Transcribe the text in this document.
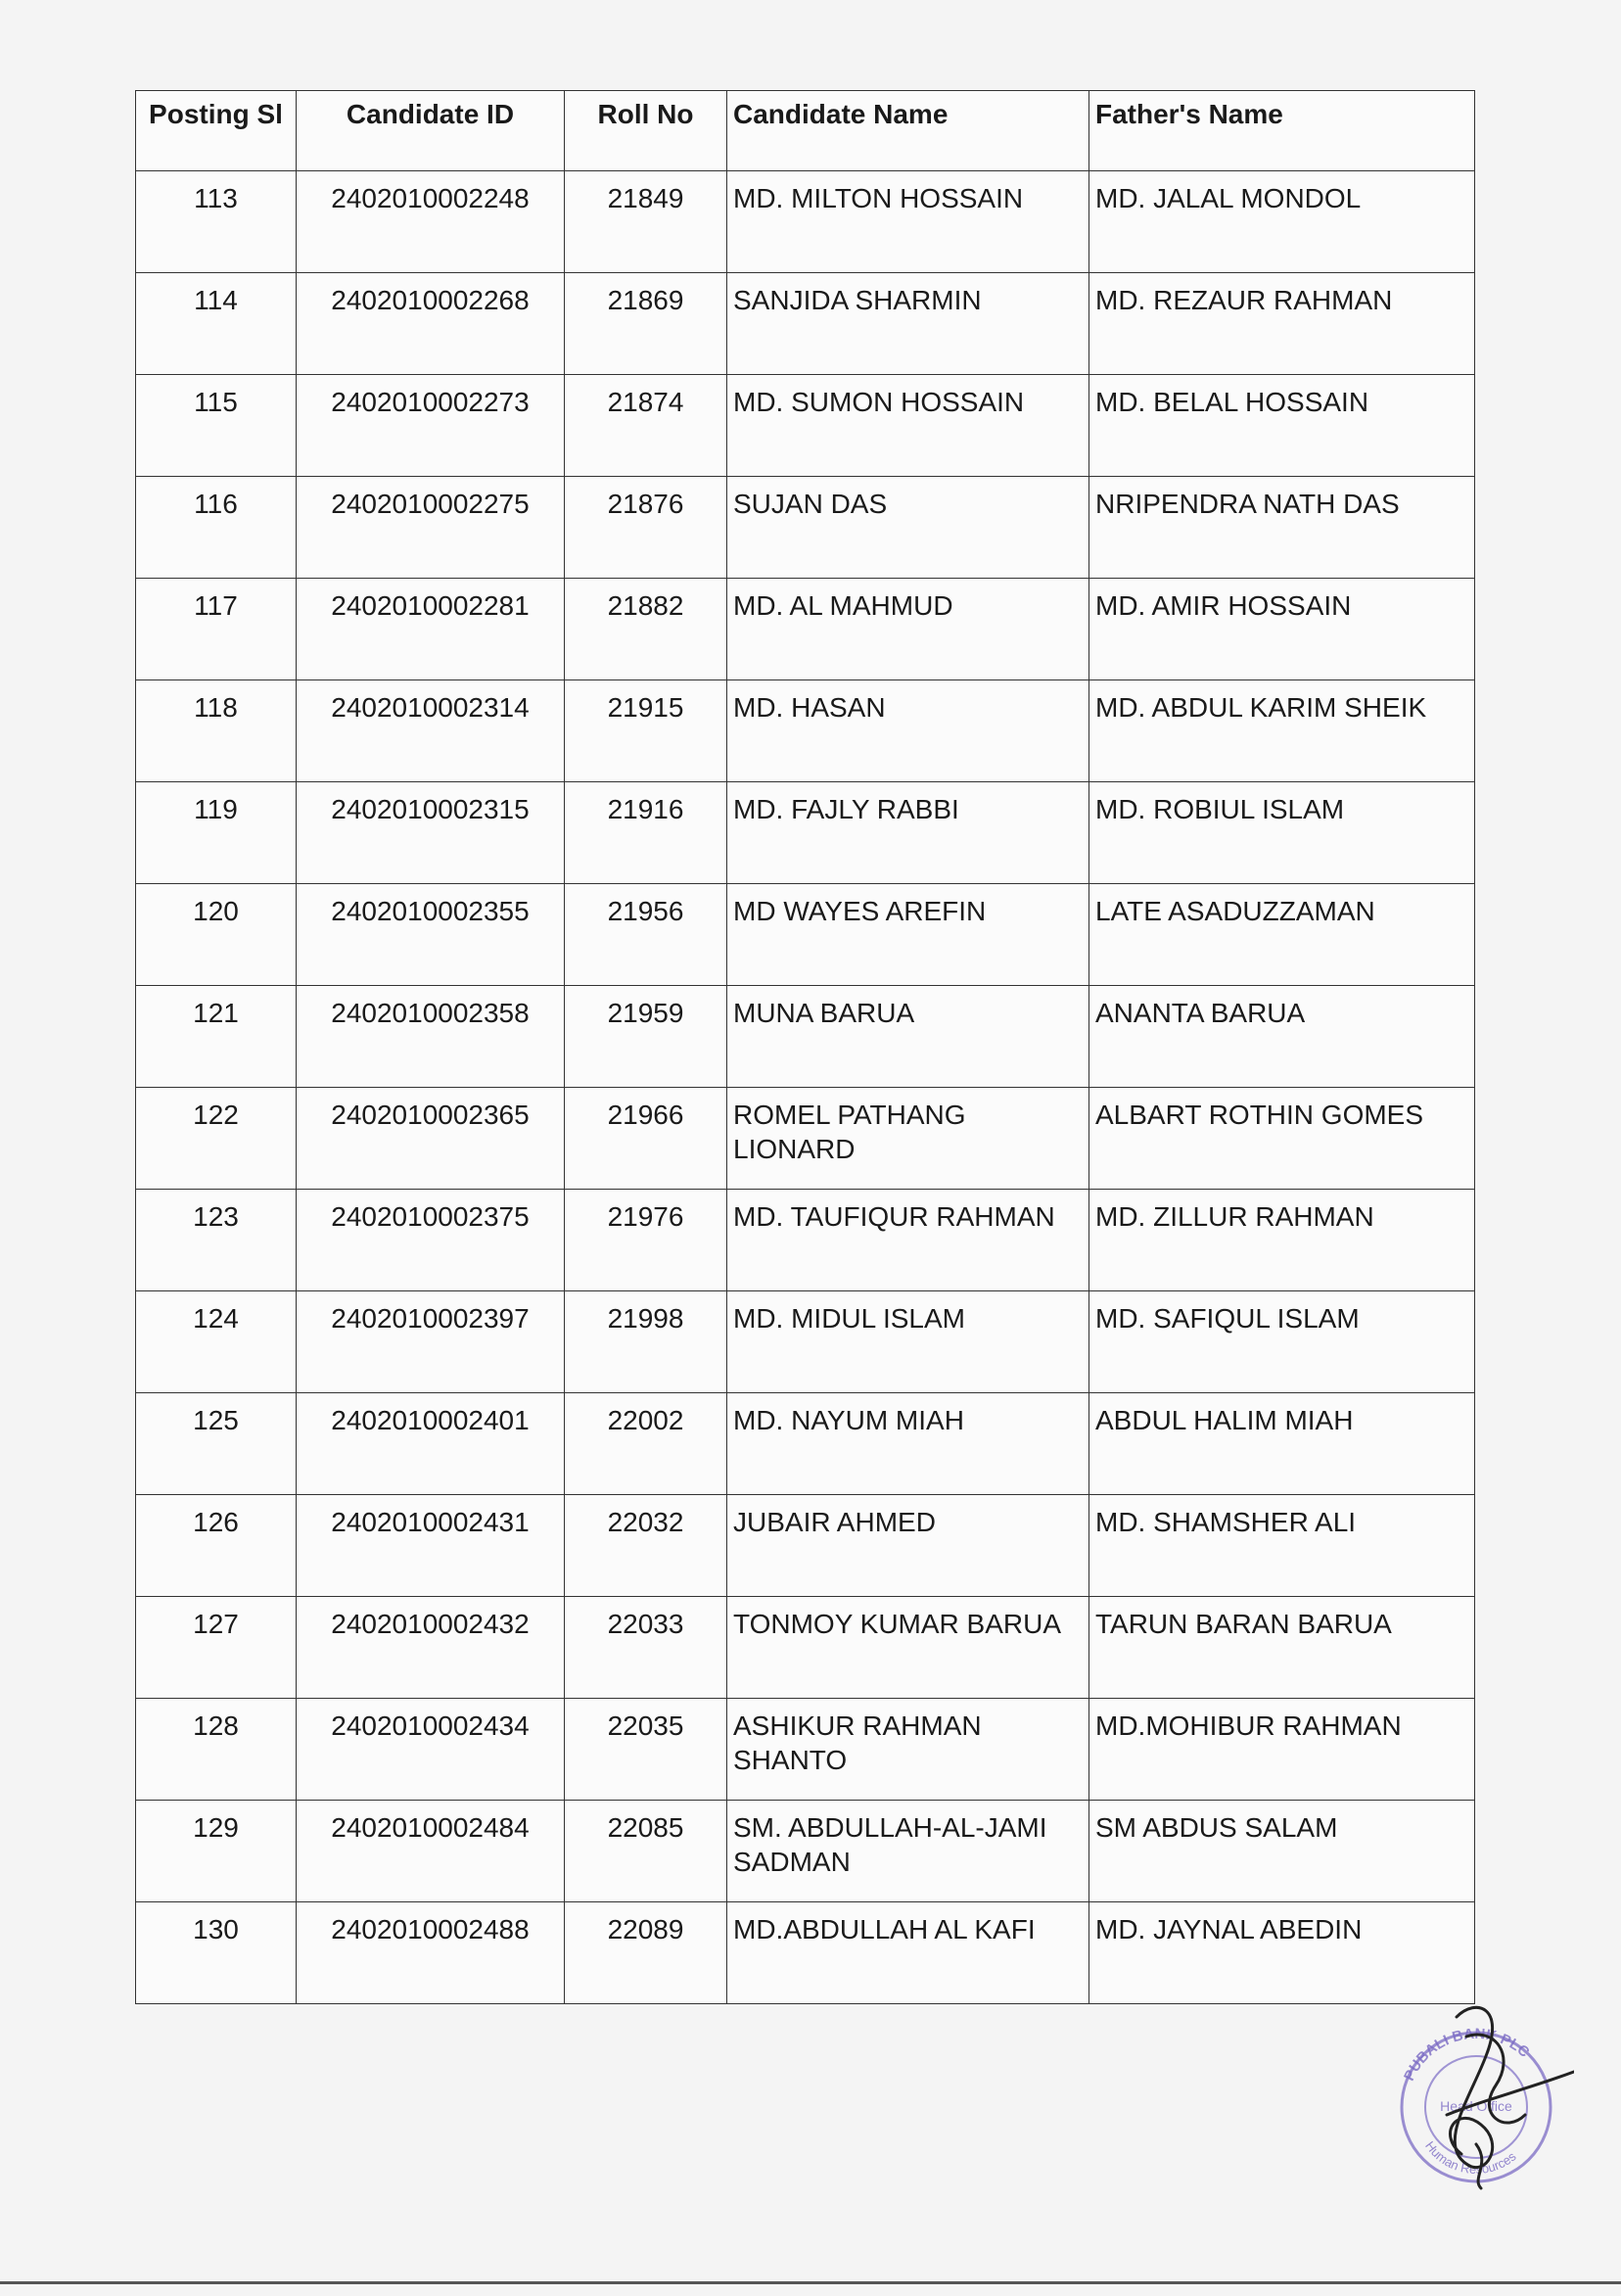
Posting Sl	Candidate ID	Roll No	Candidate Name	Father's Name
113	2402010002248	21849	MD. MILTON HOSSAIN	MD. JALAL MONDOL
114	2402010002268	21869	SANJIDA SHARMIN	MD. REZAUR RAHMAN
115	2402010002273	21874	MD. SUMON HOSSAIN	MD. BELAL HOSSAIN
116	2402010002275	21876	SUJAN DAS	NRIPENDRA NATH DAS
117	2402010002281	21882	MD. AL MAHMUD	MD. AMIR HOSSAIN
118	2402010002314	21915	MD. HASAN	MD. ABDUL KARIM SHEIK
119	2402010002315	21916	MD. FAJLY RABBI	MD. ROBIUL ISLAM
120	2402010002355	21956	MD WAYES AREFIN	LATE ASADUZZAMAN
121	2402010002358	21959	MUNA BARUA	ANANTA BARUA
122	2402010002365	21966	ROMEL PATHANG LIONARD	ALBART ROTHIN GOMES
123	2402010002375	21976	MD. TAUFIQUR RAHMAN	MD. ZILLUR RAHMAN
124	2402010002397	21998	MD. MIDUL ISLAM	MD. SAFIQUL ISLAM
125	2402010002401	22002	MD. NAYUM MIAH	ABDUL HALIM MIAH
126	2402010002431	22032	JUBAIR AHMED	MD. SHAMSHER ALI
127	2402010002432	22033	TONMOY KUMAR BARUA	TARUN BARAN BARUA
128	2402010002434	22035	ASHIKUR RAHMAN SHANTO	MD.MOHIBUR RAHMAN
129	2402010002484	22085	SM. ABDULLAH-AL-JAMI SADMAN	SM ABDUS SALAM
130	2402010002488	22089	MD.ABDULLAH AL KAFI	MD. JAYNAL ABEDIN
PUBALI BANK PLC
Head Office
Human Resources
